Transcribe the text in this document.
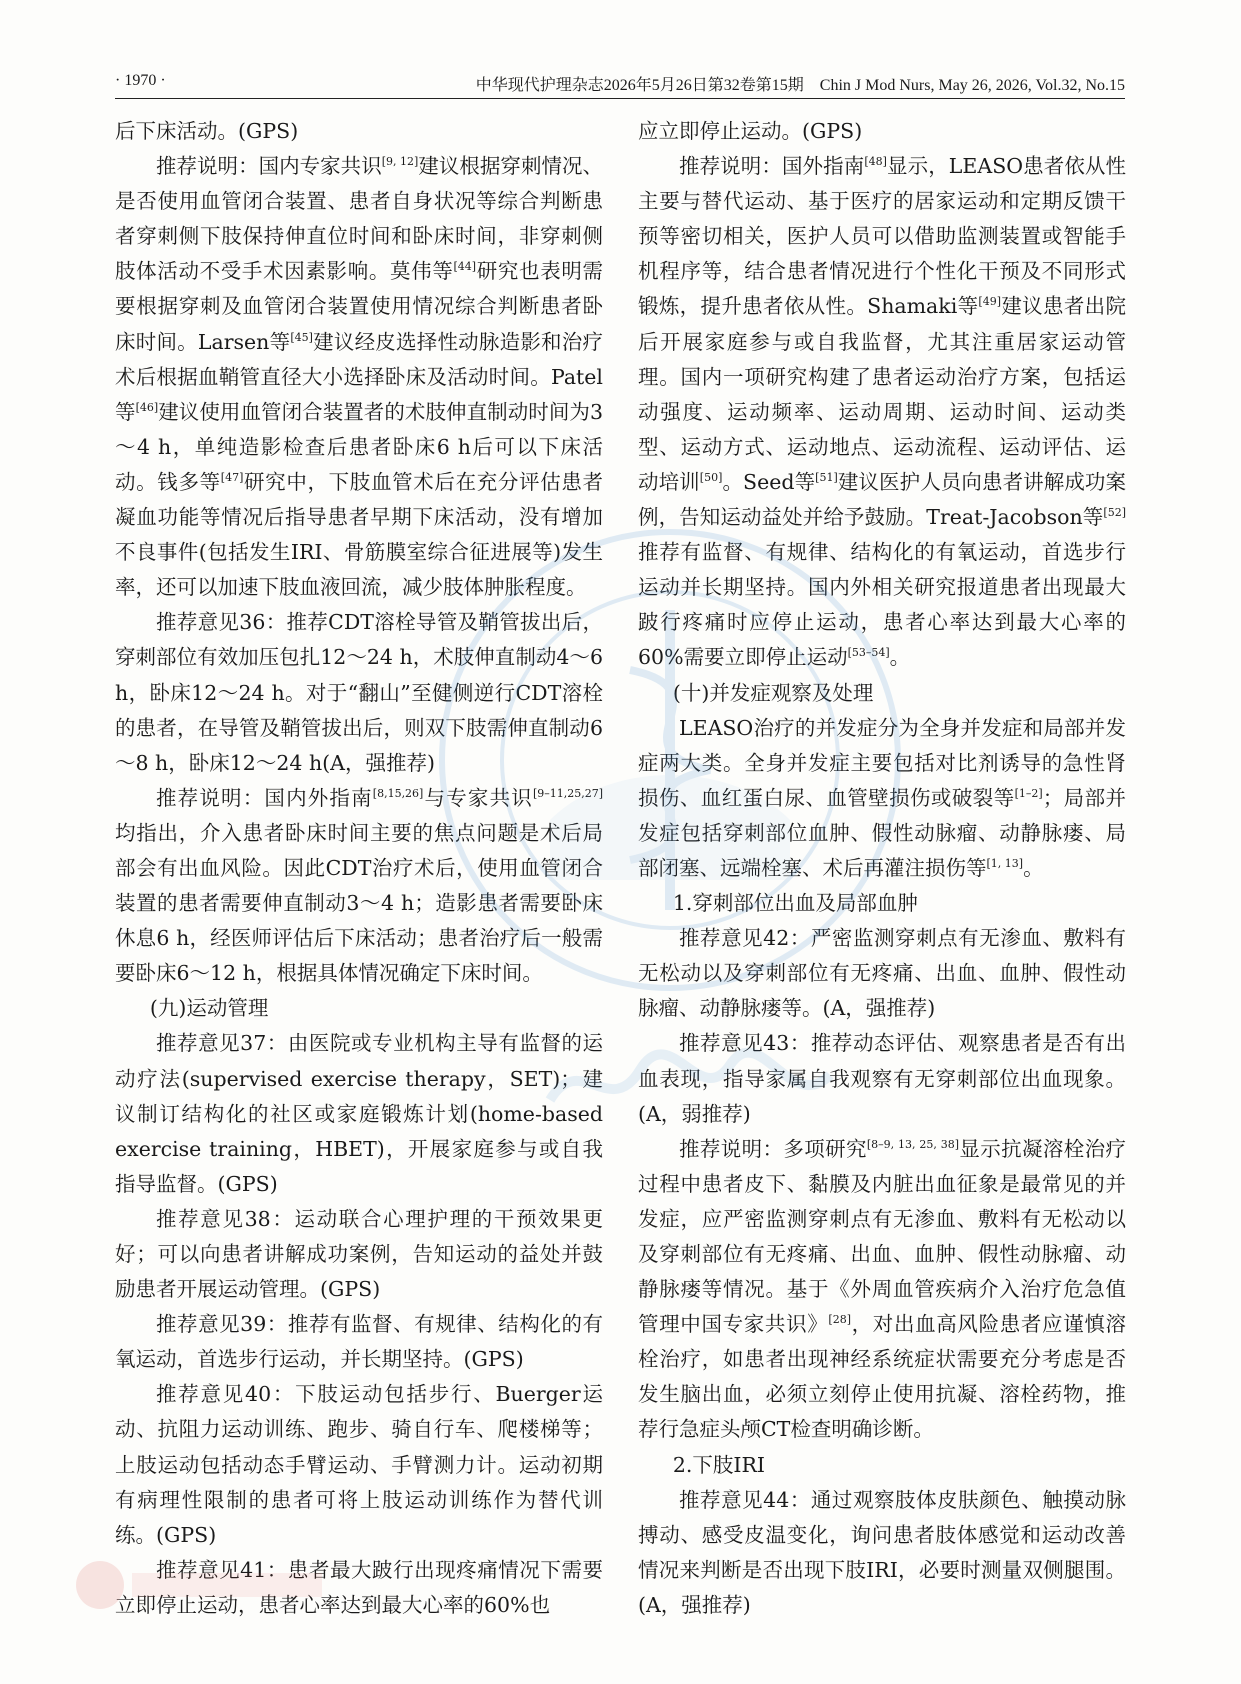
· 1970 ·	中华现代护理杂志2026年5月26日第32卷第15期　Chin J Mod Nurs, May 26, 2026, Vol.32, No.15

后下床活动。(GPS)

推荐说明：国内专家共识[9, 12]建议根据穿刺情况、是否使用血管闭合装置、患者自身状况等综合判断患者穿刺侧下肢保持伸直位时间和卧床时间，非穿刺侧肢体活动不受手术因素影响。莫伟等[44]研究也表明需要根据穿刺及血管闭合装置使用情况综合判断患者卧床时间。Larsen等[45]建议经皮选择性动脉造影和治疗术后根据血鞘管直径大小选择卧床及活动时间。Patel等[46]建议使用血管闭合装置者的术肢伸直制动时间为3～4 h，单纯造影检查后患者卧床6 h后可以下床活动。钱多等[47]研究中，下肢血管术后在充分评估患者凝血功能等情况后指导患者早期下床活动，没有增加不良事件(包括发生IRI、骨筋膜室综合征进展等)发生率，还可以加速下肢血液回流，减少肢体肿胀程度。

推荐意见36：推荐CDT溶栓导管及鞘管拔出后，穿刺部位有效加压包扎12～24 h，术肢伸直制动4～6 h，卧床12～24 h。对于“翻山”至健侧逆行CDT溶栓的患者，在导管及鞘管拔出后，则双下肢需伸直制动6～8 h，卧床12～24 h(A，强推荐)

推荐说明：国内外指南[8,15,26]与专家共识[9–11,25,27]均指出，介入患者卧床时间主要的焦点问题是术后局部会有出血风险。因此CDT治疗术后，使用血管闭合装置的患者需要伸直制动3～4 h；造影患者需要卧床休息6 h，经医师评估后下床活动；患者治疗后一般需要卧床6～12 h，根据具体情况确定下床时间。

(九)运动管理

推荐意见37：由医院或专业机构主导有监督的运动疗法(supervised exercise therapy，SET)；建议制订结构化的社区或家庭锻炼计划(home-based exercise training，HBET)，开展家庭参与或自我指导监督。(GPS)

推荐意见38：运动联合心理护理的干预效果更好；可以向患者讲解成功案例，告知运动的益处并鼓励患者开展运动管理。(GPS)

推荐意见39：推荐有监督、有规律、结构化的有氧运动，首选步行运动，并长期坚持。(GPS)

推荐意见40：下肢运动包括步行、Buerger运动、抗阻力运动训练、跑步、骑自行车、爬楼梯等；上肢运动包括动态手臂运动、手臂测力计。运动初期有病理性限制的患者可将上肢运动训练作为替代训练。(GPS)

推荐意见41：患者最大跛行出现疼痛情况下需要立即停止运动，患者心率达到最大心率的60%也

应立即停止运动。(GPS)

推荐说明：国外指南[48]显示，LEASO患者依从性主要与替代运动、基于医疗的居家运动和定期反馈干预等密切相关，医护人员可以借助监测装置或智能手机程序等，结合患者情况进行个性化干预及不同形式锻炼，提升患者依从性。Shamaki等[49]建议患者出院后开展家庭参与或自我监督，尤其注重居家运动管理。国内一项研究构建了患者运动治疗方案，包括运动强度、运动频率、运动周期、运动时间、运动类型、运动方式、运动地点、运动流程、运动评估、运动培训[50]。Seed等[51]建议医护人员向患者讲解成功案例，告知运动益处并给予鼓励。Treat-Jacobson等[52]推荐有监督、有规律、结构化的有氧运动，首选步行运动并长期坚持。国内外相关研究报道患者出现最大跛行疼痛时应停止运动，患者心率达到最大心率的60%需要立即停止运动[53–54]。

(十)并发症观察及处理

LEASO治疗的并发症分为全身并发症和局部并发症两大类。全身并发症主要包括对比剂诱导的急性肾损伤、血红蛋白尿、血管壁损伤或破裂等[1–2]；局部并发症包括穿刺部位血肿、假性动脉瘤、动静脉瘘、局部闭塞、远端栓塞、术后再灌注损伤等[1, 13]。

1.穿刺部位出血及局部血肿

推荐意见42：严密监测穿刺点有无渗血、敷料有无松动以及穿刺部位有无疼痛、出血、血肿、假性动脉瘤、动静脉瘘等。(A，强推荐)

推荐意见43：推荐动态评估、观察患者是否有出血表现，指导家属自我观察有无穿刺部位出血现象。(A，弱推荐)

推荐说明：多项研究[8–9, 13, 25, 38]显示抗凝溶栓治疗过程中患者皮下、黏膜及内脏出血征象是最常见的并发症，应严密监测穿刺点有无渗血、敷料有无松动以及穿刺部位有无疼痛、出血、血肿、假性动脉瘤、动静脉瘘等情况。基于《外周血管疾病介入治疗危急值管理中国专家共识》[28]，对出血高风险患者应谨慎溶栓治疗，如患者出现神经系统症状需要充分考虑是否发生脑出血，必须立刻停止使用抗凝、溶栓药物，推荐行急症头颅CT检查明确诊断。

2.下肢IRI

推荐意见44：通过观察肢体皮肤颜色、触摸动脉搏动、感受皮温变化，询问患者肢体感觉和运动改善情况来判断是否出现下肢IRI，必要时测量双侧腿围。(A，强推荐)
